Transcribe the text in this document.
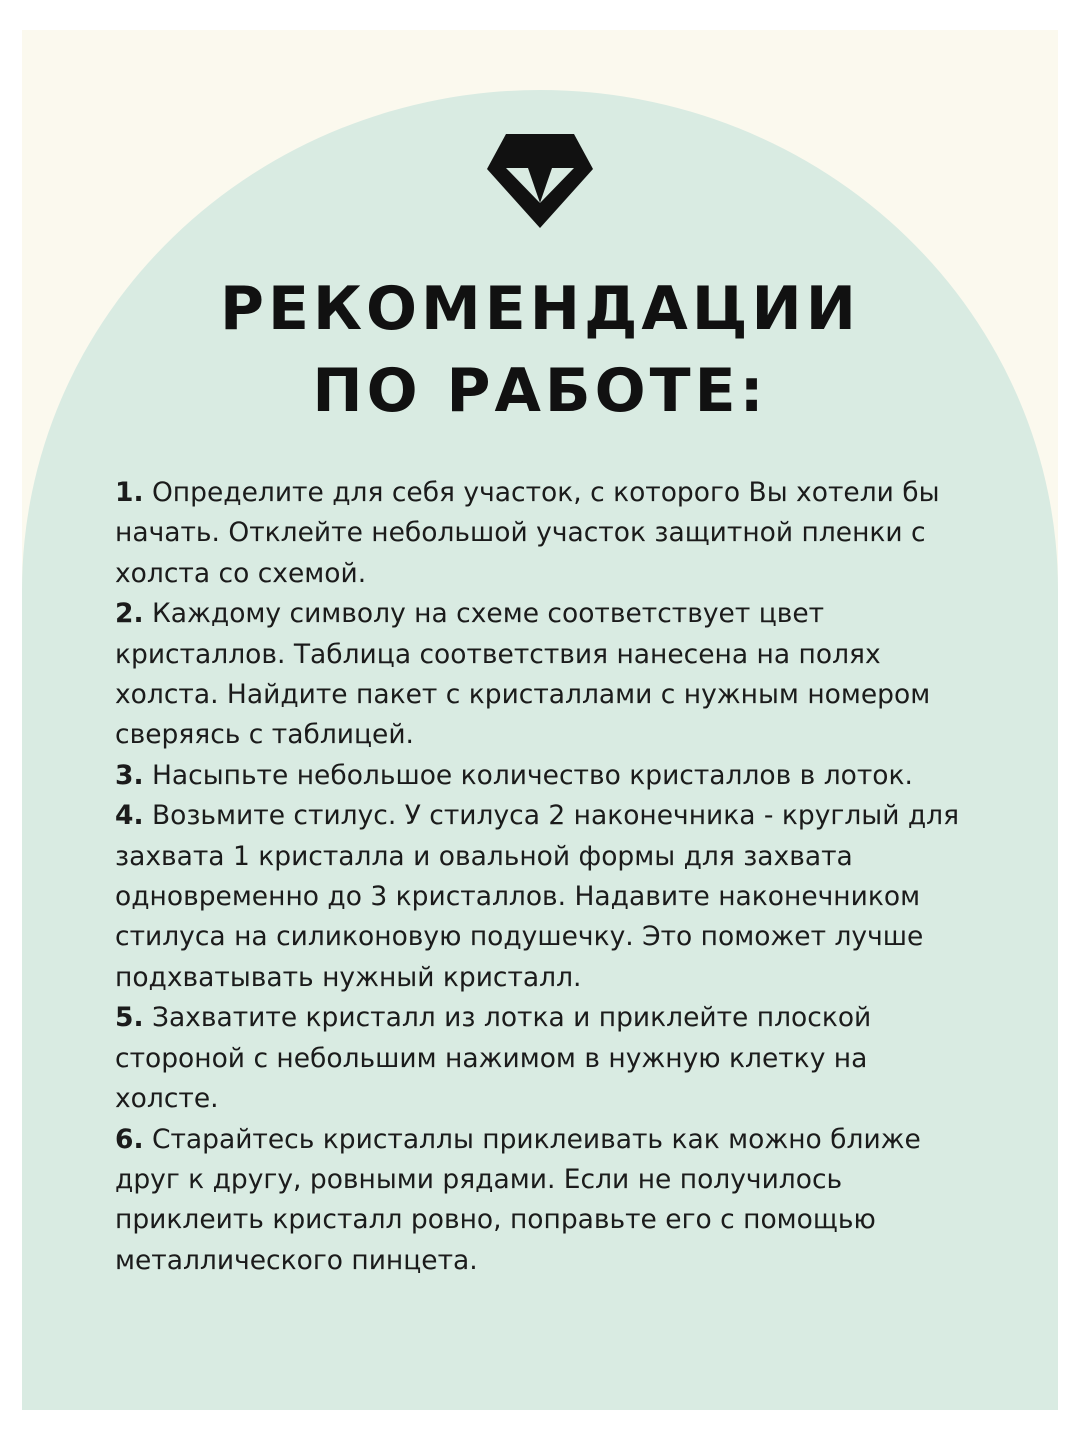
РЕКОМЕНДАЦИИ
ПО РАБОТЕ:

1. Определите для себя участок, с которого Вы хотели бы начать. Отклейте небольшой участок защитной пленки с холста со схемой.

2. Каждому символу на схеме соответствует цвет кристаллов. Таблица соответствия нанесена на полях холста. Найдите пакет с кристаллами с нужным номером сверяясь с таблицей.

3. Насыпьте небольшое количество кристаллов в лоток.

4. Возьмите стилус. У стилуса 2 наконечника - круглый для захвата 1 кристалла и овальной формы для захвата одновременно до 3 кристаллов. Надавите наконечником стилуса на силиконовую подушечку. Это поможет лучше подхватывать нужный кристалл.

5. Захватите кристалл из лотка и приклейте плоской стороной с небольшим нажимом в нужную клетку на холсте.

6. Старайтесь кристаллы приклеивать как можно ближе друг к другу, ровными рядами. Если не получилось приклеить кристалл ровно, поправьте его с помощью металлического пинцета.
